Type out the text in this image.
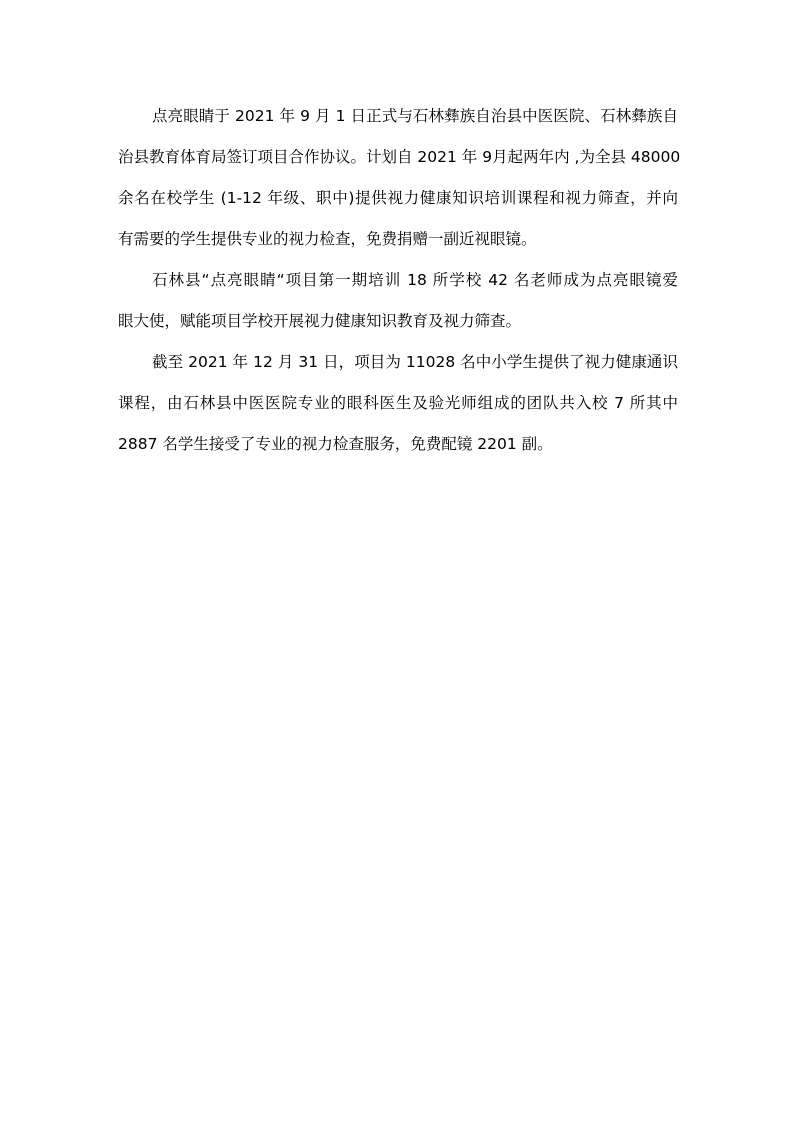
点亮眼睛于 2021 年 9 月 1 日正式与石林彝族自治县中医医院、石林彝族自
治县教育体育局签订项目合作协议。计划自 2021 年 9月起两年内 ,为全县 48000
余名在校学生 (1-12 年级、职中)提供视力健康知识培训课程和视力筛查，并向
有需要的学生提供专业的视力检查，免费捐赠一副近视眼镜。
石林县“点亮眼睛“项目第一期培训 18 所学校 42 名老师成为点亮眼镜爱
眼大使，赋能项目学校开展视力健康知识教育及视力筛查。
截至 2021 年 12 月 31 日，项目为 11028 名中小学生提供了视力健康通识
课程，由石林县中医医院专业的眼科医生及验光师组成的团队共入校 7 所其中
2887 名学生接受了专业的视力检查服务，免费配镜 2201 副。
